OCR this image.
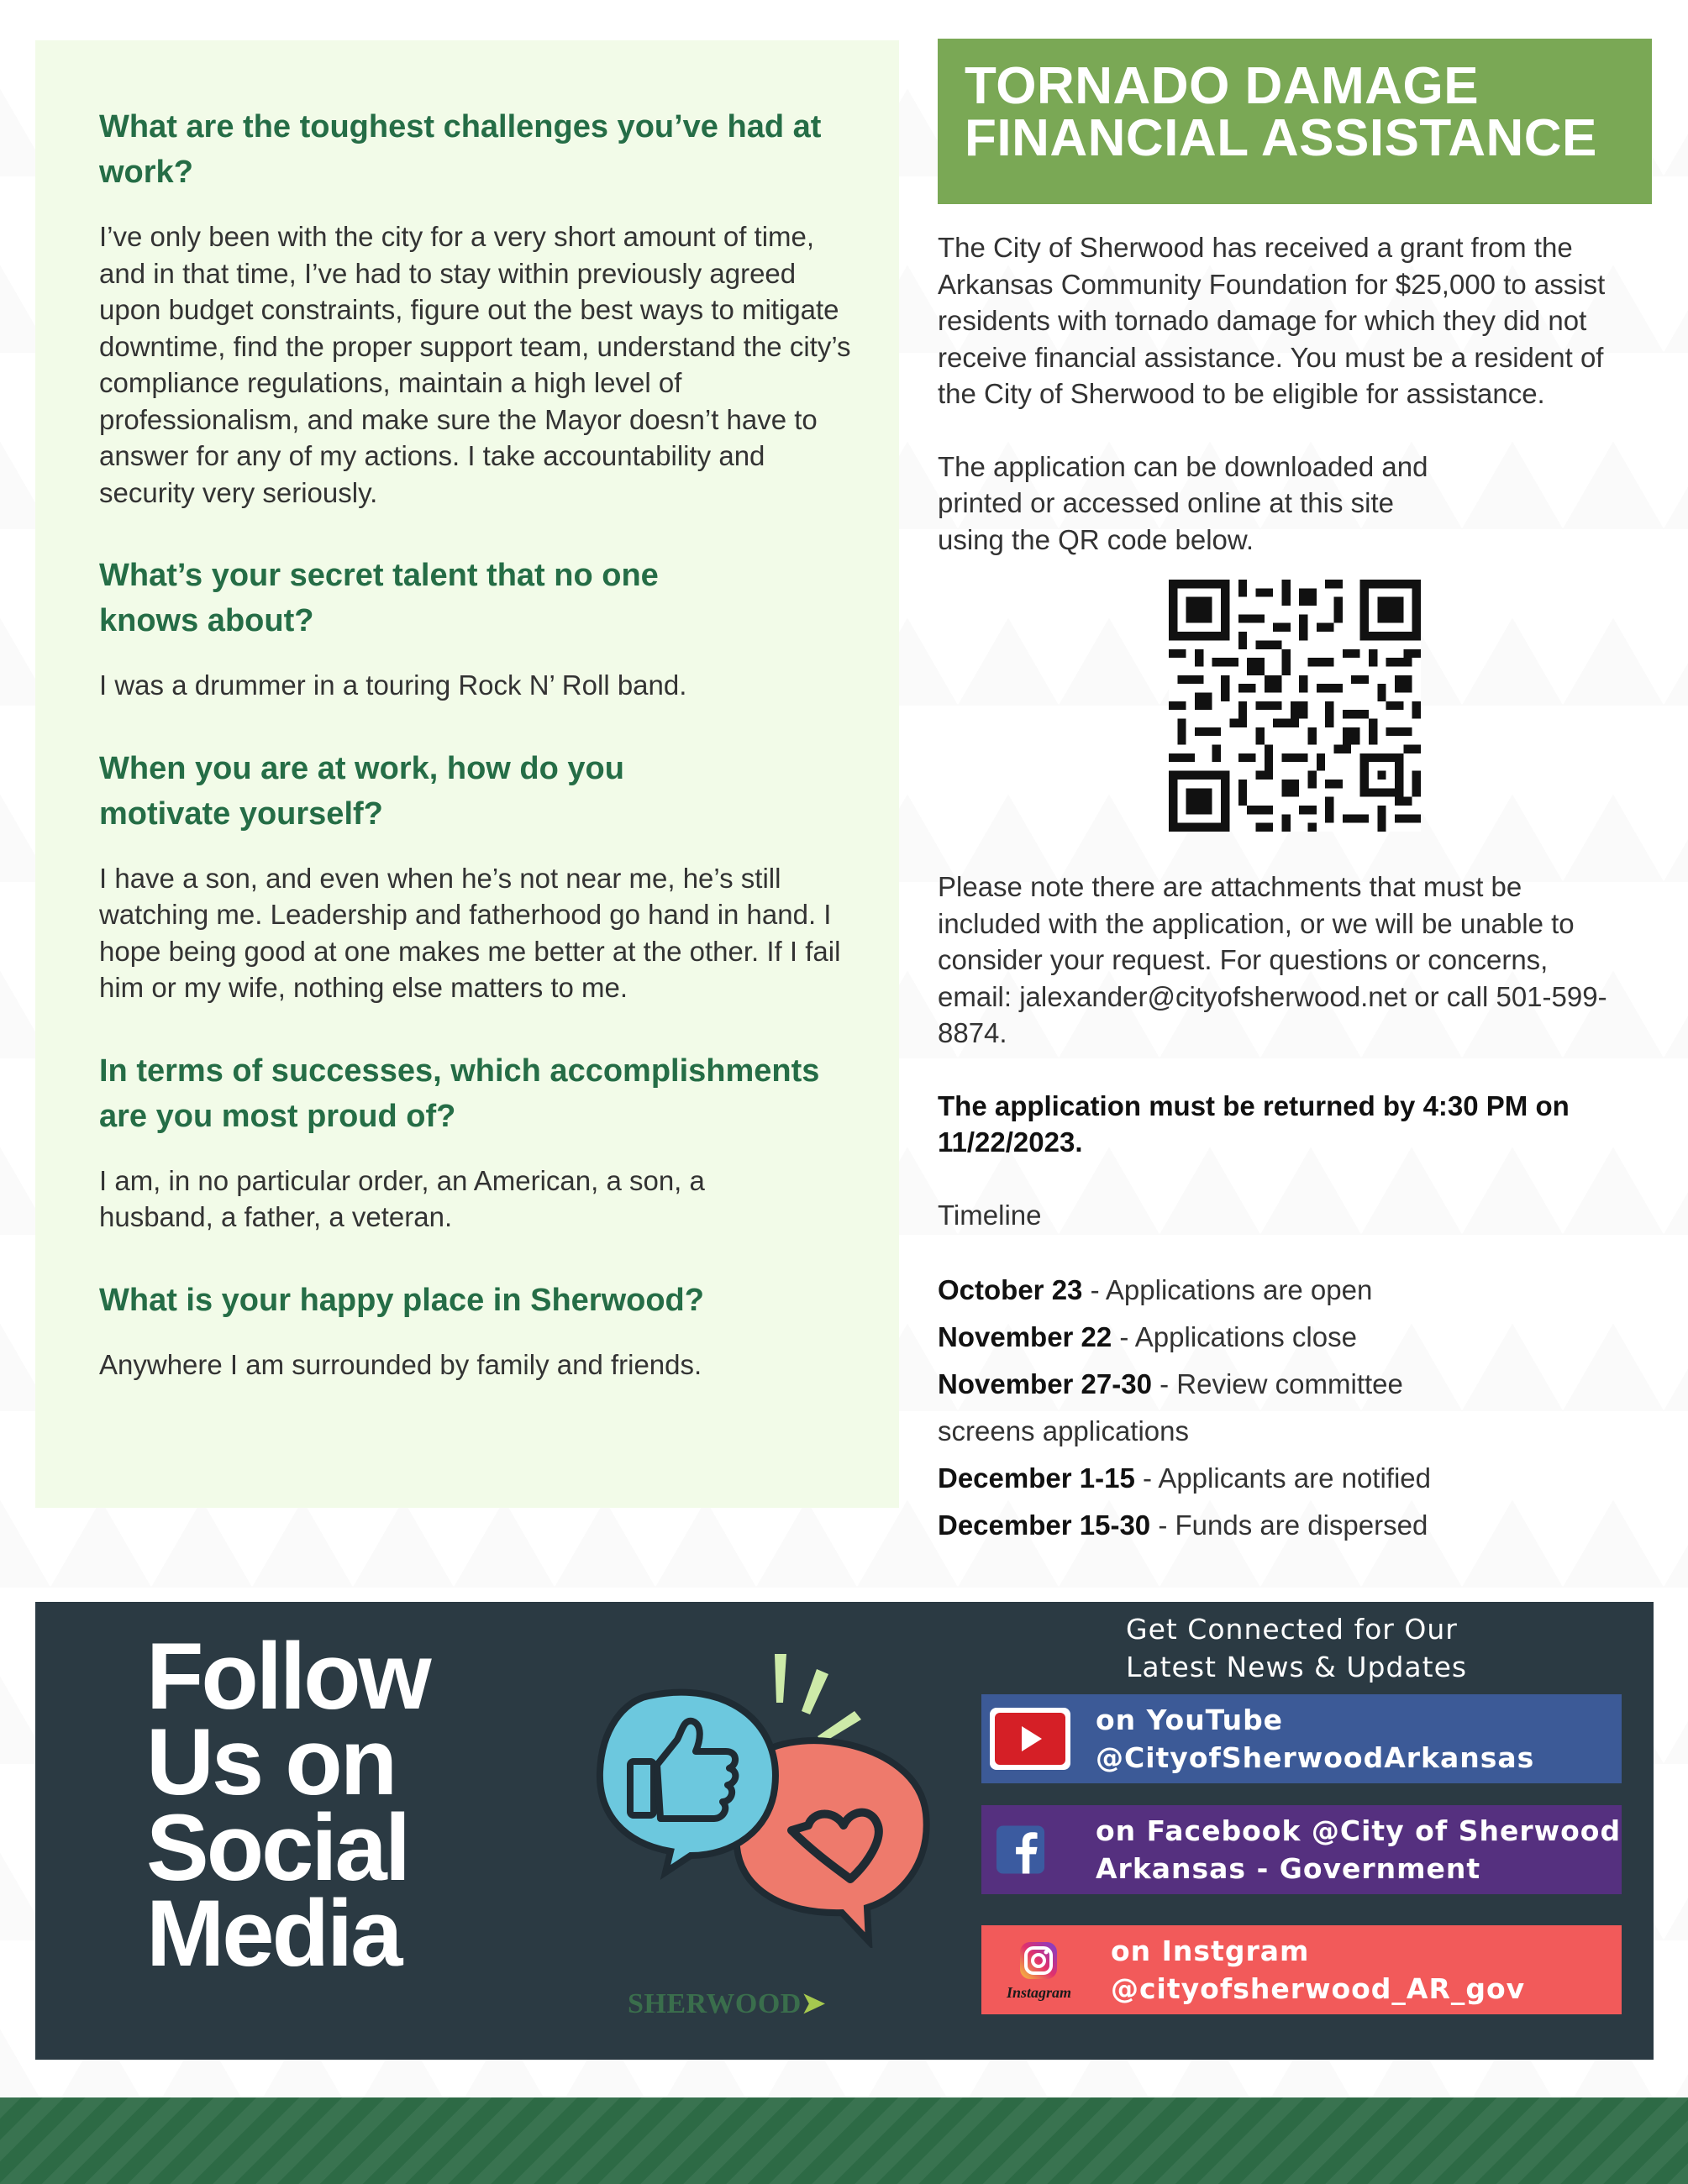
What are the toughest challenges you’ve had at work?

I’ve only been with the city for a very short amount of time, and in that time, I’ve had to stay within previously agreed upon budget constraints, figure out the best ways to mitigate downtime, find the proper support team, understand the city’s compliance regulations, maintain a high level of professionalism, and make sure the Mayor doesn’t have to answer for any of my actions. I take accountability and security very seriously.

What’s your secret talent that no one knows about?

I was a drummer in a touring Rock N’ Roll band.

When you are at work, how do you motivate yourself?

I have a son, and even when he’s not near me, he’s still watching me. Leadership and fatherhood go hand in hand. I hope being good at one makes me better at the other. If I fail him or my wife, nothing else matters to me.

In terms of successes, which accomplishments are you most proud of?

I am, in no particular order, an American, a son, a husband, a father, a veteran.

What is your happy place in Sherwood?

Anywhere I am surrounded by family and friends.

TORNADO DAMAGE
FINANCIAL ASSISTANCE

The City of Sherwood has received a grant from the Arkansas Community Foundation for $25,000 to assist residents with tornado damage for which they did not receive financial assistance. You must be a resident of the City of Sherwood to be eligible for assistance.

The application can be downloaded and printed or accessed online at this site using the QR code below.

Please note there are attachments that must be included with the application, or we will be unable to consider your request. For questions or concerns, email: jalexander@cityofsherwood.net or call 501-599-8874.

The application must be returned by 4:30 PM on 11/22/2023.

Timeline

October 23 - Applications are open

November 22 - Applications close

November 27-30 - Review committee screens applications

December 1-15 - Applicants are notified

December 15-30 - Funds are dispersed

Follow
Us on
Social
Media
SHERWOOD➤
Get Connected for Our Latest News & Updates
on YouTube
@CityofSherwoodArkansas
on Facebook @City of Sherwood
Arkansas - Government
Instagram
on Instgram
@cityofsherwood_AR_gov
